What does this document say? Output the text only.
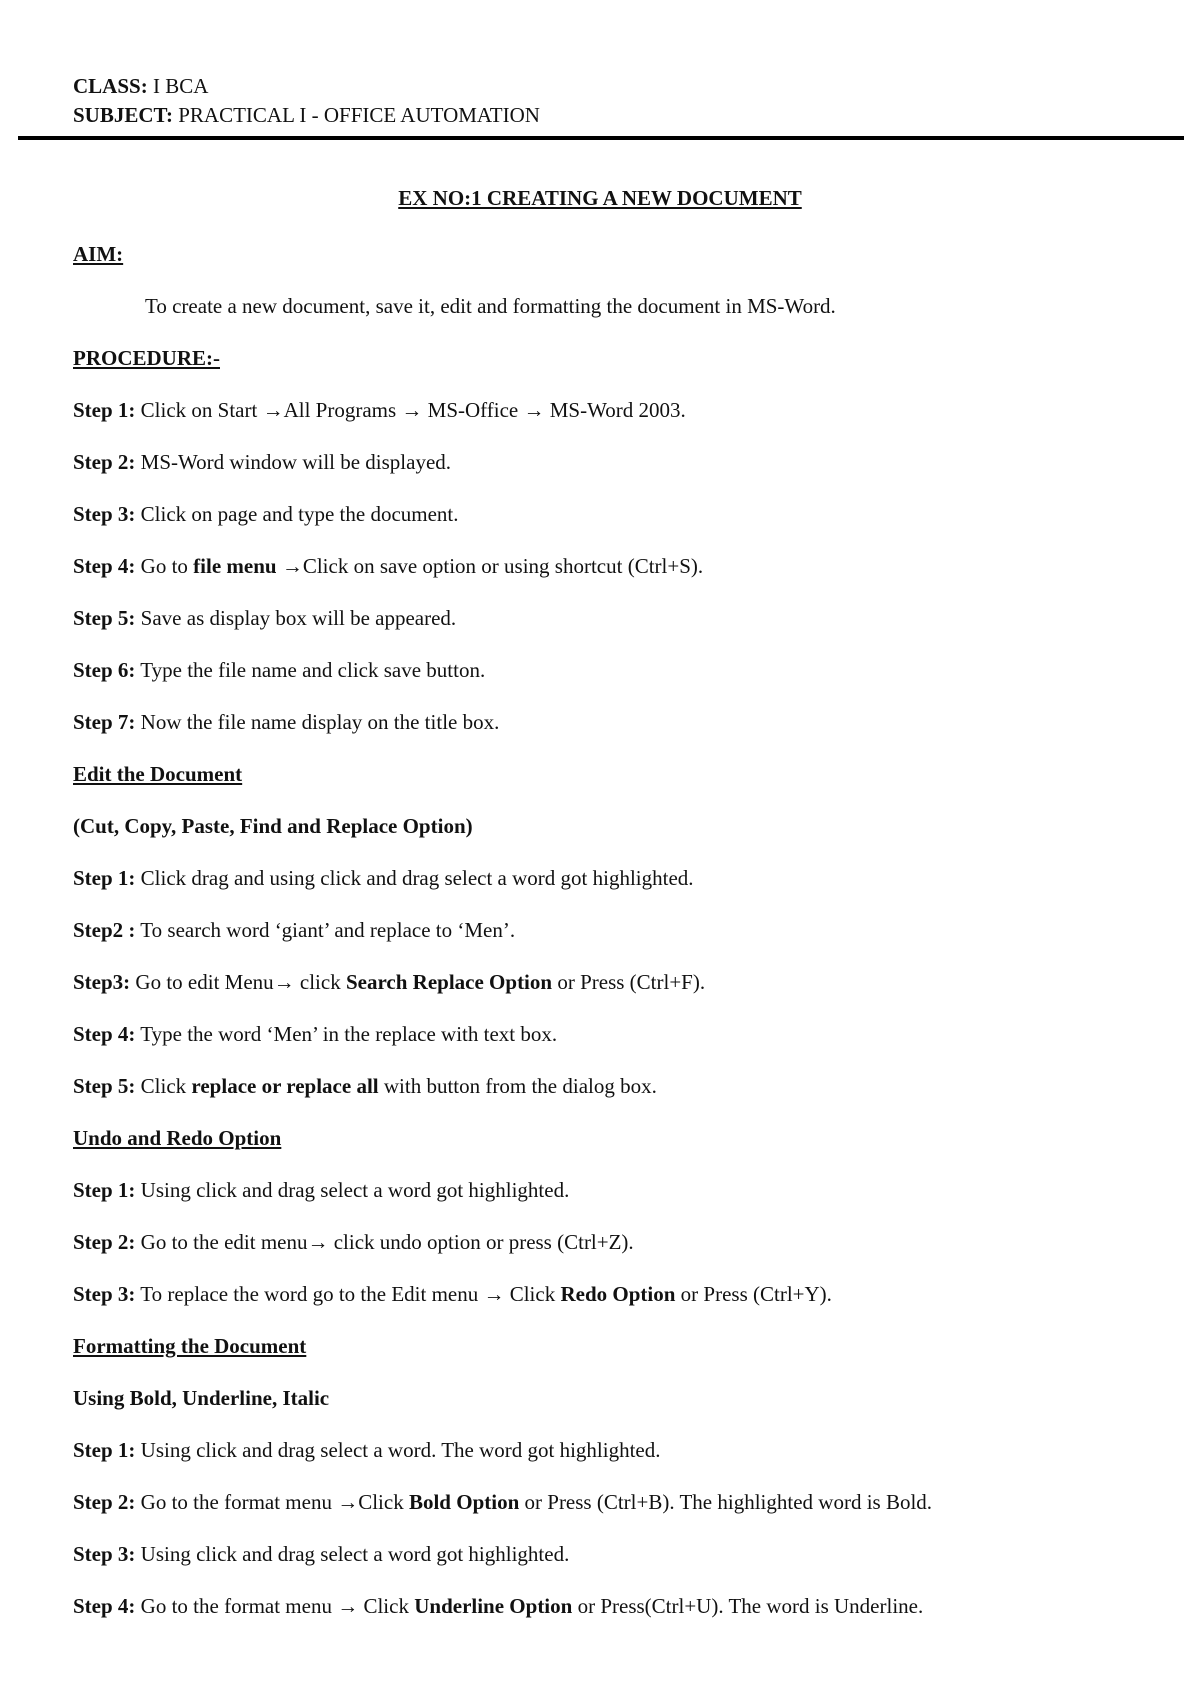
CLASS: I BCA
SUBJECT: PRACTICAL I - OFFICE AUTOMATION
EX NO:1 CREATING A NEW DOCUMENT
AIM:
To create a new document, save it, edit and formatting the document in MS-Word.
PROCEDURE:-
Step 1: Click on Start →All Programs → MS-Office → MS-Word 2003.
Step 2: MS-Word window will be displayed.
Step 3: Click on page and type the document.
Step 4: Go to file menu →Click on save option or using shortcut (Ctrl+S).
Step 5: Save as display box will be appeared.
Step 6: Type the file name and click save button.
Step 7: Now the file name display on the title box.
Edit the Document
(Cut, Copy, Paste, Find and Replace Option)
Step 1: Click drag and using click and drag select a word got highlighted.
Step2 : To search word ‘giant’ and replace to ‘Men’.
Step3: Go to edit Menu→ click Search Replace Option or Press (Ctrl+F).
Step 4: Type the word ‘Men’ in the replace with text box.
Step 5: Click replace or replace all with button from the dialog box.
Undo and Redo Option
Step 1: Using click and drag select a word got highlighted.
Step 2: Go to the edit menu→ click undo option or press (Ctrl+Z).
Step 3: To replace the word go to the Edit menu → Click Redo Option or Press (Ctrl+Y).
Formatting the Document
Using Bold, Underline, Italic
Step 1: Using click and drag select a word. The word got highlighted.
Step 2: Go to the format menu →Click Bold Option or Press (Ctrl+B). The highlighted word is Bold.
Step 3: Using click and drag select a word got highlighted.
Step 4: Go to the format menu → Click Underline Option or Press(Ctrl+U). The word is Underline.
